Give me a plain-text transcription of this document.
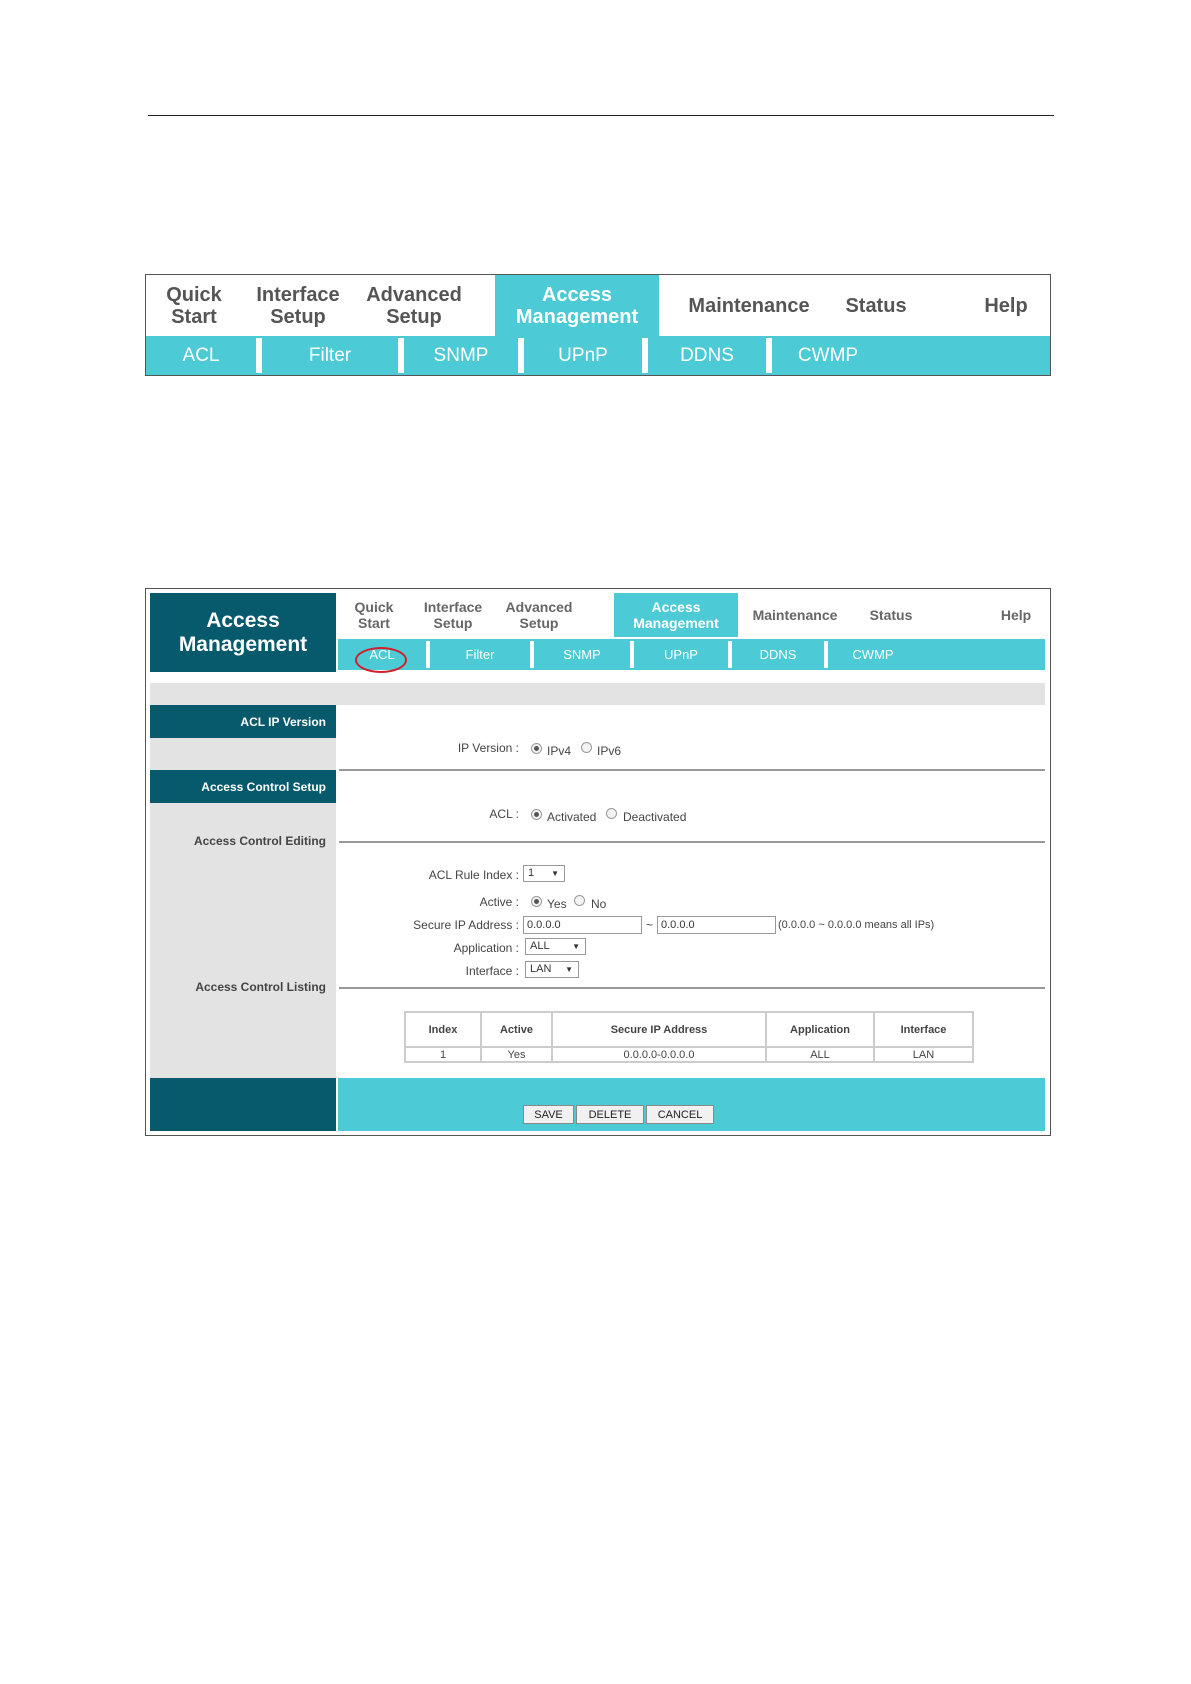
Quick
Start
Interface
Setup
Advanced
Setup
Access
Management	Maintenance	Status	Help
ACL	Filter	SNMP	UPnP	DDNS	CWMP
Access
Management
Quick
Start
Interface
Setup
Advanced
Setup
Access
Management	Maintenance	Status	Help
ACL	Filter	SNMP	UPnP	DDNS	CWMP
ACL IP Version
IP Version : IPv4 IPv6
Access Control Setup
ACL : Activated Deactivated
Access Control Editing
ACL Rule Index : 1 ▼
Active : Yes No
Secure IP Address : 0.0.0.0	~ 0.0.0.0	(0.0.0.0 ~ 0.0.0.0 means all IPs)
Application :	ALL	▼
Interface :	LAN ▼
Access Control Listing
Index	Active	Secure IP Address	Application	Interface
1	Yes	0.0.0.0-0.0.0.0	ALL	LAN
SAVE	DELETE	CANCEL
